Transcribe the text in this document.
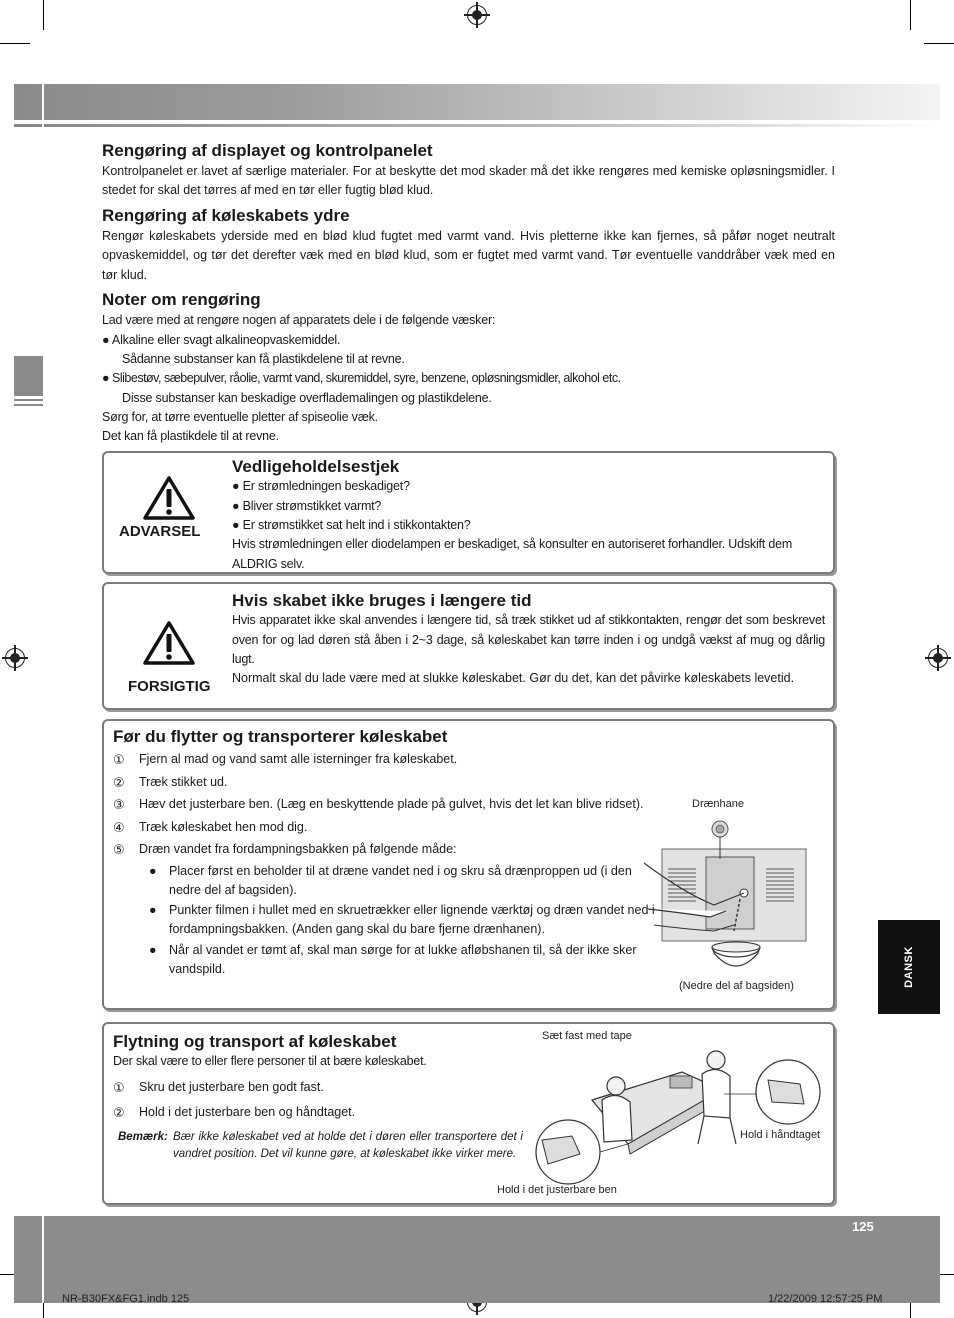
DANSK
Rengøring af displayet og kontrolpanelet
Kontrolpanelet er lavet af særlige materialer. For at beskytte det mod skader må det ikke rengøres med kemiske opløsningsmidler. I stedet for skal det tørres af med en tør eller fugtig blød klud.
Rengøring af køleskabets ydre
Rengør køleskabets yderside med en blød klud fugtet med varmt vand. Hvis pletterne ikke kan fjernes, så påfør noget neutralt opvaskemiddel, og tør det derefter væk med en blød klud, som er fugtet med varmt vand. Tør eventuelle vanddråber væk med en tør klud.
Noter om rengøring
Lad være med at rengøre nogen af apparatets dele i de følgende væsker:
● Alkaline eller svagt alkalineopvaskemiddel.
Sådanne substanser kan få plastikdelene til at revne.
● Slibestøv, sæbepulver, råolie, varmt vand, skuremiddel, syre, benzene, opløsningsmidler, alkohol etc.
Disse substanser kan beskadige overflademalingen og plastikdelene.
Sørg for, at tørre eventuelle pletter af spiseolie væk.
Det kan få plastikdele til at revne.
ADVARSEL
Vedligeholdelsestjek
● Er strømledningen beskadiget?
● Bliver strømstikket varmt?
● Er strømstikket sat helt ind i stikkontakten?
Hvis strømledningen eller diodelampen er beskadiget, så konsulter en autoriseret forhandler. Udskift dem ALDRIG selv.
FORSIGTIG
Hvis skabet ikke bruges i længere tid
Hvis apparatet ikke skal anvendes i længere tid, så træk stikket ud af stikkontakten, rengør det som beskrevet oven for og lad døren stå åben i 2~3 dage, så køleskabet kan tørre inden i og undgå vækst af mug og dårlig lugt.
Normalt skal du lade være med at slukke køleskabet. Gør du det, kan det påvirke køleskabets levetid.
Før du flytter og transporterer køleskabet
①	Fjern al mad og vand samt alle isterninger fra køleskabet.
②	Træk stikket ud.
③	Hæv det justerbare ben. (Læg en beskyttende plade på gulvet, hvis det let kan blive ridset).
④	Træk køleskabet hen mod dig.
⑤	Dræn vandet fra fordampningsbakken på følgende måde:
● Placer først en beholder til at dræne vandet ned i og skru så drænproppen ud (i den nedre del af bagsiden).
● Punkter filmen i hullet med en skruetrækker eller lignende værktøj og dræn vandet ned i fordampningsbakken. (Anden gang skal du bare fjerne drænhanen).
● Når al vandet er tømt af, skal man sørge for at lukke afløbshanen til, så der ikke sker vandspild.
Drænhane
(Nedre del af bagsiden)
Flytning og transport af køleskabet
Der skal være to eller flere personer til at bære køleskabet.
①	Skru det justerbare ben godt fast.
②	Hold i det justerbare ben og håndtaget.
Bemærk: Bær ikke køleskabet ved at holde det i døren eller transportere det i vandret position. Det vil kunne gøre, at køleskabet ikke virker mere.
Sæt fast med tape
Hold i håndtaget
Hold i det justerbare ben
125
NR-B30FX&FG1.indb 125	1/22/2009 12:57:25 PM
